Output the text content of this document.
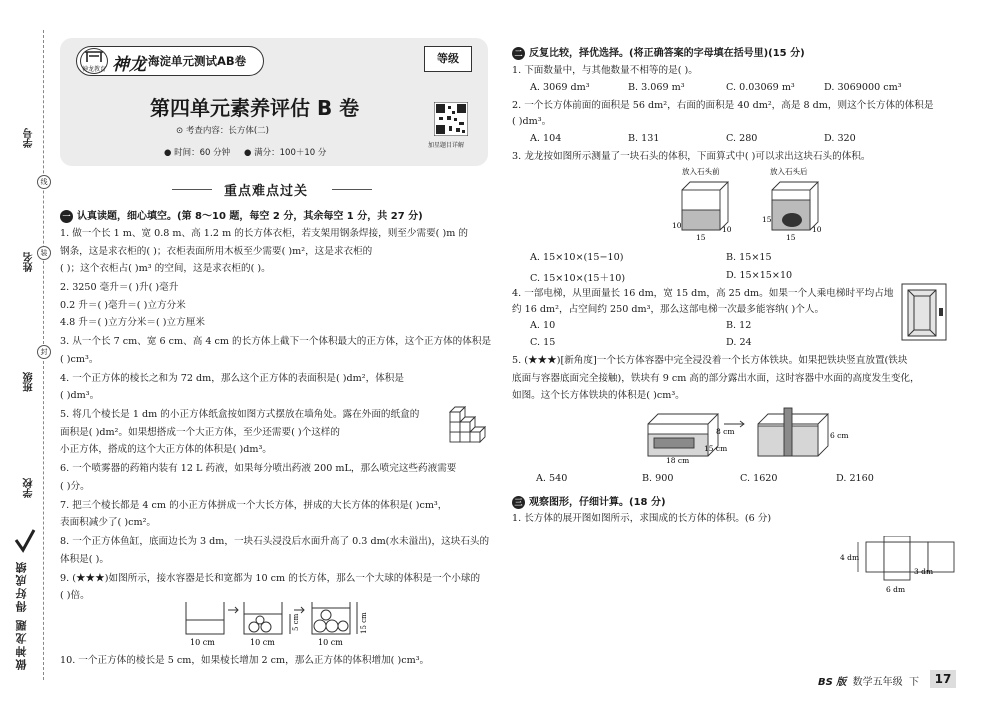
学号
姓名
班级
学校
线
装
封
做神龙题 得好成绩
神龙教育 神龙 海淀单元测试AB卷	等级
第四单元素养评估 B 卷
⊙ 考查内容：长方体(二)
● 时间：60 分钟 ● 满分：100＋10 分
加星题目详解
重点难点过关
一 认真读题，细心填空。(第 8～10 题，每空 2 分，其余每空 1 分，共 27 分)
1. 做一个长 1 m、宽 0.8 m、高 1.2 m 的长方体衣柜，若支架用钢条焊接，则至少需要( )m 的
钢条，这是求衣柜的( )；衣柜表面所用木板至少需要( )m²，这是求衣柜的
( )；这个衣柜占( )m³ 的空间，这是求衣柜的( )。
2. 3250 毫升＝( )升( )毫升
0.2 升＝( )毫升＝( )立方分米
4.8 升＝( )立方分米＝( )立方厘米
3. 从一个长 7 cm、宽 6 cm、高 4 cm 的长方体上截下一个体积最大的正方体，这个正方体的体积是
( )cm³。
4. 一个正方体的棱长之和为 72 dm，那么这个正方体的表面积是( )dm²，体积是
( )dm³。
5. 将几个棱长是 1 dm 的小正方体纸盒按如图方式摆放在墙角处。露在外面的纸盒的
面积是( )dm²。如果想搭成一个大正方体，至少还需要( )个这样的
小正方体，搭成的这个大正方体的体积是( )dm³。
6. 一个喷雾器的药箱内装有 12 L 药液，如果每分喷出药液 200 mL，那么喷完这些药液需要
( )分。
7. 把三个棱长都是 4 cm 的小正方体拼成一个大长方体，拼成的大长方体的体积是( )cm³，
表面积减少了( )cm²。
8. 一个正方体鱼缸，底面边长为 3 dm，一块石头浸没后水面升高了 0.3 dm(水未溢出)，这块石头的
体积是( )。
9. (★★★)如图所示，接水容器是长和宽都为 10 cm 的长方体，那么一个大球的体积是一个小球的
( )倍。
10 cm	10 cm	10 cm
5 cm	15 cm
10. 一个正方体的棱长是 5 cm，如果棱长增加 2 cm，那么正方体的体积增加( )cm³。
二 反复比较，择优选择。(将正确答案的字母填在括号里)(15 分)
1. 下面数量中，与其他数量不相等的是( )。
A. 3069 dm³	B. 3.069 m³	C. 0.03069 m³	D. 3069000 cm³
2. 一个长方体前面的面积是 56 dm²，右面的面积是 40 dm²，高是 8 dm，则这个长方体的体积是
( )dm³。
A. 104	B. 131	C. 280	D. 320
3. 龙龙按如图所示测量了一块石头的体积，下面算式中( )可以求出这块石头的体积。
放入石头前	放入石头后
10
15
10
15
15
10
A. 15×10×(15−10)	B. 15×15
C. 15×10×(15＋10)	D. 15×15×10
4. 一部电梯，从里面量长 16 dm，宽 15 dm，高 25 dm。如果一个人乘电梯时平均占地
约 16 dm²，占空间约 250 dm³，那么这部电梯一次最多能容纳( )个人。
A. 10	B. 12
C. 15	D. 24
5. (★★★)[新角度]一个长方体容器中完全浸没着一个长方体铁块。如果把铁块竖直放置(铁块
底面与容器底面完全接触)，铁块有 9 cm 高的部分露出水面，这时容器中水面的高度发生变化，
如图。这个长方体铁块的体积是( )cm³。
8 cm
18 cm
15 cm
6 cm
A. 540	B. 900	C. 1620	D. 2160
三 观察图形，仔细计算。(18 分)
1. 长方体的展开图如图所示，求围成的长方体的体积。(6 分)
4 dm
3 dm
6 dm
BS 版 数学五年级 下	17
